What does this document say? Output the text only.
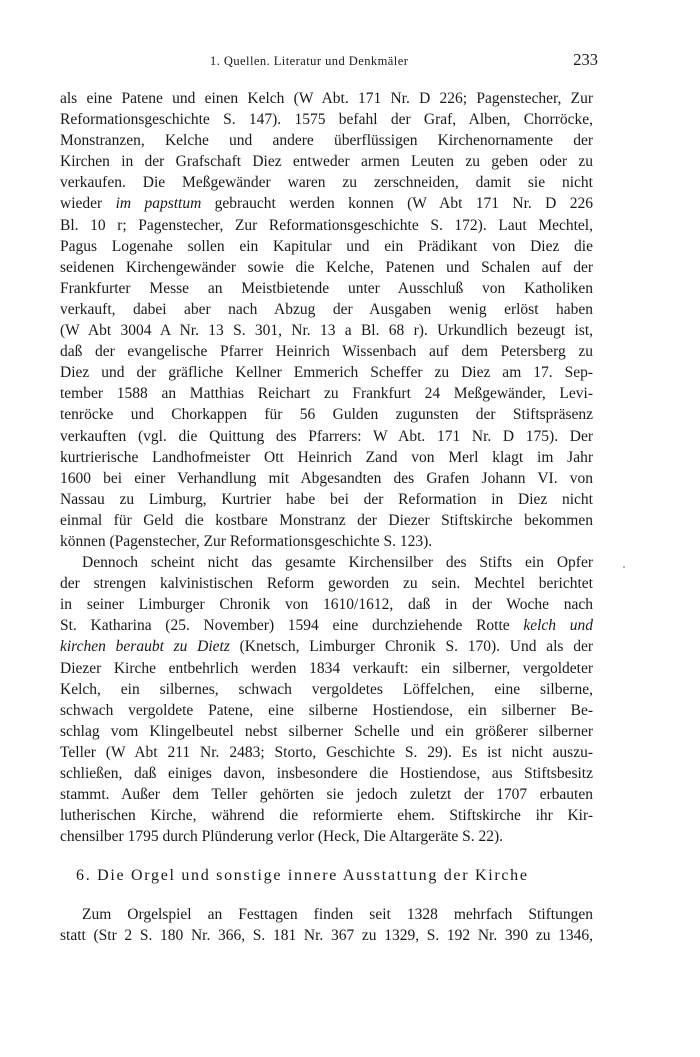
1. Quellen. Literatur und Denkmäler	233
als eine Patene und einen Kelch (W Abt. 171 Nr. D 226; Pagenstecher, Zur
Reformationsgeschichte S. 147). 1575 befahl der Graf, Alben, Chorröcke,
Monstranzen, Kelche und andere überflüssigen Kirchenornamente der
Kirchen in der Grafschaft Diez entweder armen Leuten zu geben oder zu
verkaufen. Die Meßgewänder waren zu zerschneiden, damit sie nicht
wieder im papsttum gebraucht werden konnen (W Abt 171 Nr. D 226
Bl. 10 r; Pagenstecher, Zur Reformationsgeschichte S. 172). Laut Mechtel,
Pagus Logenahe sollen ein Kapitular und ein Prädikant von Diez die
seidenen Kirchengewänder sowie die Kelche, Patenen und Schalen auf der
Frankfurter Messe an Meistbietende unter Ausschluß von Katholiken
verkauft, dabei aber nach Abzug der Ausgaben wenig erlöst haben
(W Abt 3004 A Nr. 13 S. 301, Nr. 13 a Bl. 68 r). Urkundlich bezeugt ist,
daß der evangelische Pfarrer Heinrich Wissenbach auf dem Petersberg zu
Diez und der gräfliche Kellner Emmerich Scheffer zu Diez am 17. Sep-
tember 1588 an Matthias Reichart zu Frankfurt 24 Meßgewänder, Levi-
tenröcke und Chorkappen für 56 Gulden zugunsten der Stiftspräsenz
verkauften (vgl. die Quittung des Pfarrers: W Abt. 171 Nr. D 175). Der
kurtrierische Landhofmeister Ott Heinrich Zand von Merl klagt im Jahr
1600 bei einer Verhandlung mit Abgesandten des Grafen Johann VI. von
Nassau zu Limburg, Kurtrier habe bei der Reformation in Diez nicht
einmal für Geld die kostbare Monstranz der Diezer Stiftskirche bekommen
können (Pagenstecher, Zur Reformationsgeschichte S. 123).
Dennoch scheint nicht das gesamte Kirchensilber des Stifts ein Opfer
der strengen kalvinistischen Reform geworden zu sein. Mechtel berichtet
in seiner Limburger Chronik von 1610/1612, daß in der Woche nach
St. Katharina (25. November) 1594 eine durchziehende Rotte kelch und
kirchen beraubt zu Dietz (Knetsch, Limburger Chronik S. 170). Und als der
Diezer Kirche entbehrlich werden 1834 verkauft: ein silberner, vergoldeter
Kelch, ein silbernes, schwach vergoldetes Löffelchen, eine silberne,
schwach vergoldete Patene, eine silberne Hostiendose, ein silberner Be-
schlag vom Klingelbeutel nebst silberner Schelle und ein größerer silberner
Teller (W Abt 211 Nr. 2483; Storto, Geschichte S. 29). Es ist nicht auszu-
schließen, daß einiges davon, insbesondere die Hostiendose, aus Stiftsbesitz
stammt. Außer dem Teller gehörten sie jedoch zuletzt der 1707 erbauten
lutherischen Kirche, während die reformierte ehem. Stiftskirche ihr Kir-
chensilber 1795 durch Plünderung verlor (Heck, Die Altargeräte S. 22).
6. Die Orgel und sonstige innere Ausstattung der Kirche
Zum Orgelspiel an Festtagen finden seit 1328 mehrfach Stiftungen
statt (Str 2 S. 180 Nr. 366, S. 181 Nr. 367 zu 1329, S. 192 Nr. 390 zu 1346,
